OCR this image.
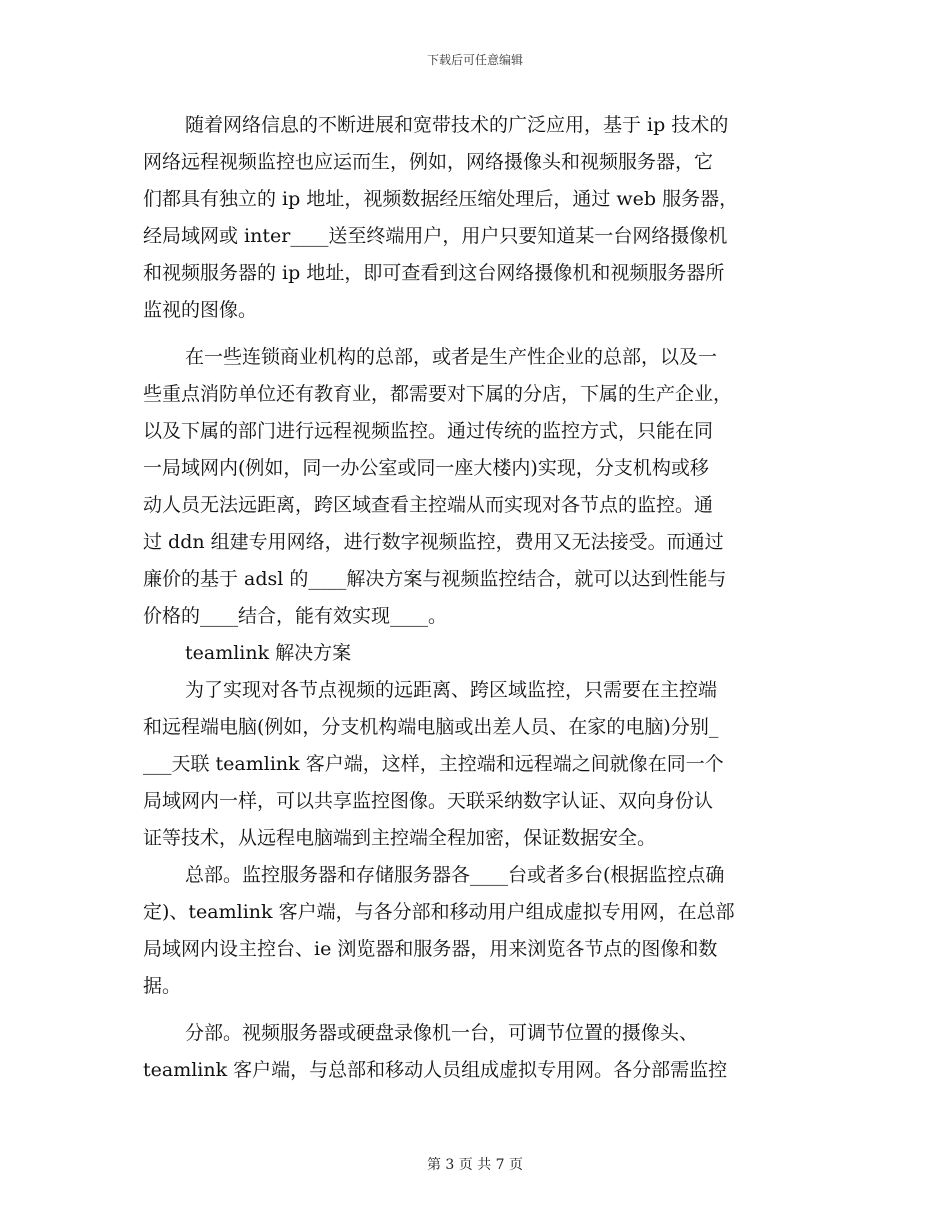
下载后可任意编辑
随着网络信息的不断进展和宽带技术的广泛应用，基于 ip 技术的
网络远程视频监控也应运而生，例如，网络摄像头和视频服务器，它
们都具有独立的 ip 地址，视频数据经压缩处理后，通过 web 服务器，
经局域网或 inter____送至终端用户，用户只要知道某一台网络摄像机
和视频服务器的 ip 地址，即可查看到这台网络摄像机和视频服务器所
监视的图像。
在一些连锁商业机构的总部，或者是生产性企业的总部，以及一
些重点消防单位还有教育业，都需要对下属的分店，下属的生产企业，
以及下属的部门进行远程视频监控。通过传统的监控方式，只能在同
一局域网内(例如，同一办公室或同一座大楼内)实现，分支机构或移
动人员无法远距离，跨区域查看主控端从而实现对各节点的监控。通
过 ddn 组建专用网络，进行数字视频监控，费用又无法接受。而通过
廉价的基于 adsl 的____解决方案与视频监控结合，就可以达到性能与
价格的____结合，能有效实现____。
teamlink 解决方案
为了实现对各节点视频的远距离、跨区域监控，只需要在主控端
和远程端电脑(例如，分支机构端电脑或出差人员、在家的电脑)分别_
___天联 teamlink 客户端，这样，主控端和远程端之间就像在同一个
局域网内一样，可以共享监控图像。天联采纳数字认证、双向身份认
证等技术，从远程电脑端到主控端全程加密，保证数据安全。
总部。监控服务器和存储服务器各____台或者多台(根据监控点确
定)、teamlink 客户端，与各分部和移动用户组成虚拟专用网，在总部
局域网内设主控台、ie 浏览器和服务器，用来浏览各节点的图像和数
据。
分部。视频服务器或硬盘录像机一台，可调节位置的摄像头、
teamlink 客户端，与总部和移动人员组成虚拟专用网。各分部需监控
第 3 页 共 7 页
